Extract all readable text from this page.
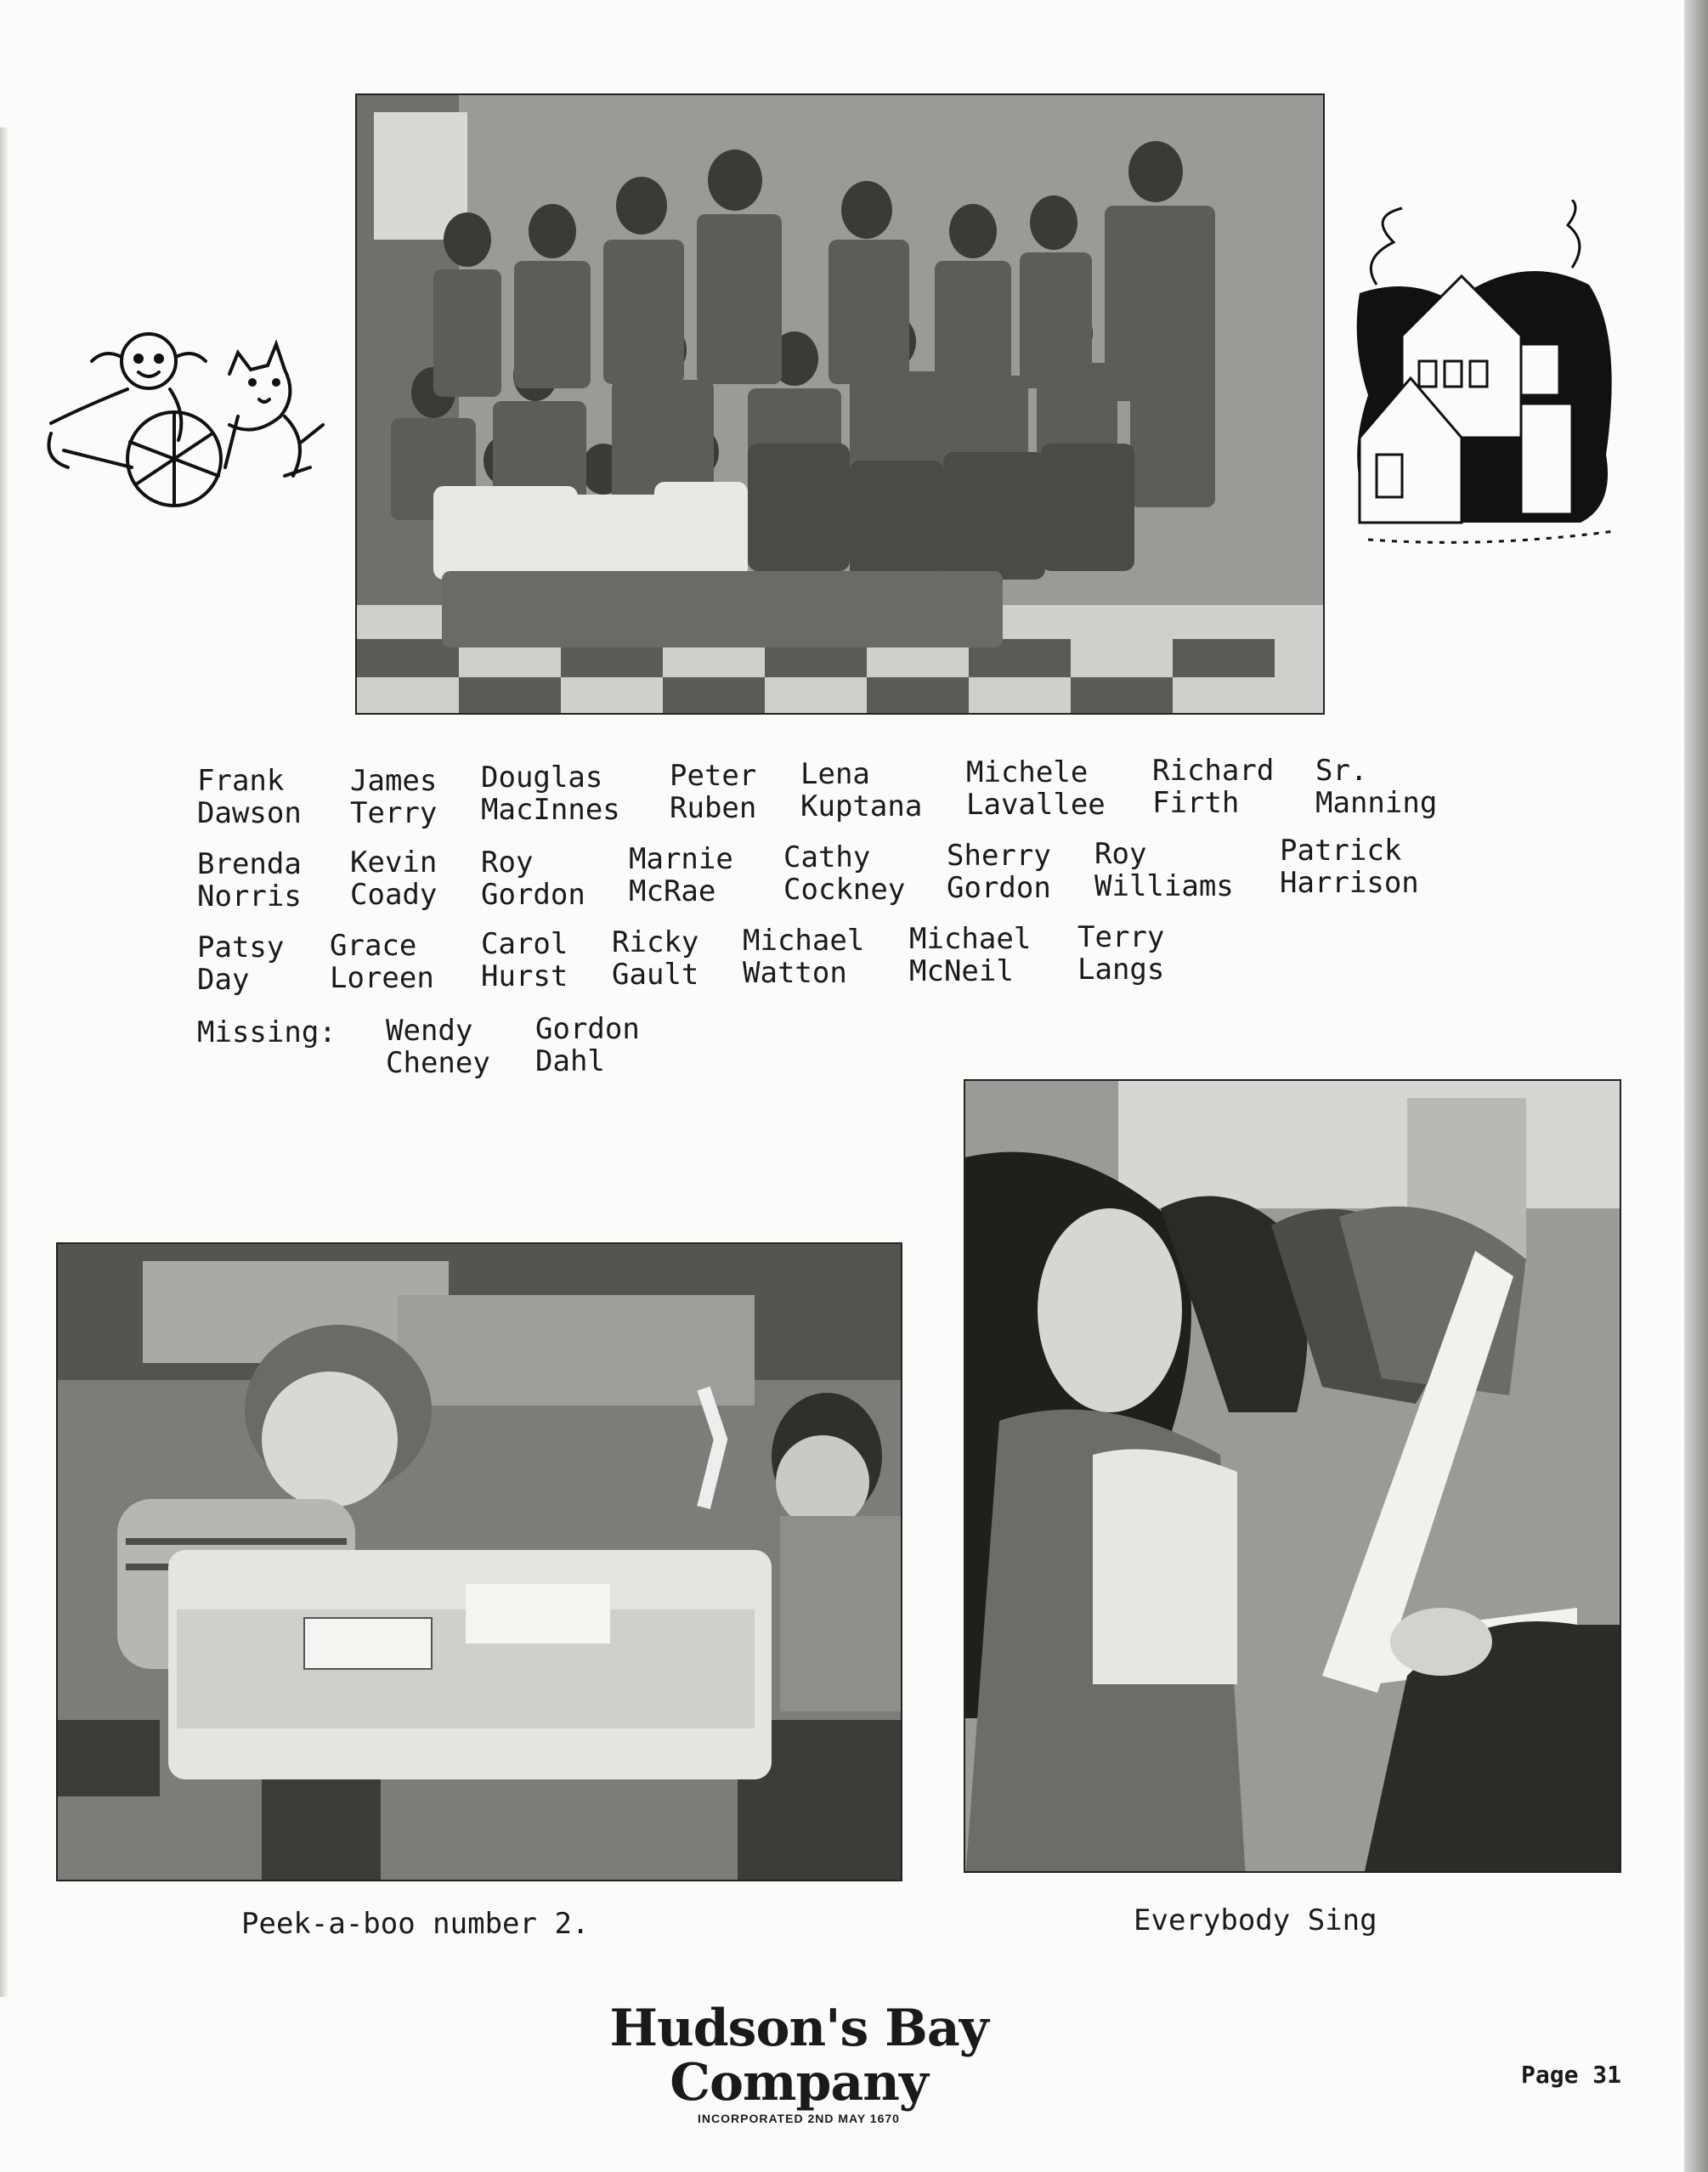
Frank
Dawson
James
Terry
Douglas
MacInnes
Peter
Ruben
Lena
Kuptana
Michele
Lavallee
Richard
Firth
Sr.
Manning
Brenda
Norris
Kevin
Coady
Roy
Gordon
Marnie
McRae
Cathy
Cockney
Sherry
Gordon
Roy
Williams
Patrick
Harrison
Patsy
Day
Grace
Loreen
Carol
Hurst
Ricky
Gault
Michael
Watton
Michael
McNeil
Terry
Langs
Missing: Wendy
Cheney
Gordon
Dahl
Peek-a-boo number 2.	Everybody Sing
Hudson's Bay Company
INCORPORATED 2ND MAY 1670
Page 31
